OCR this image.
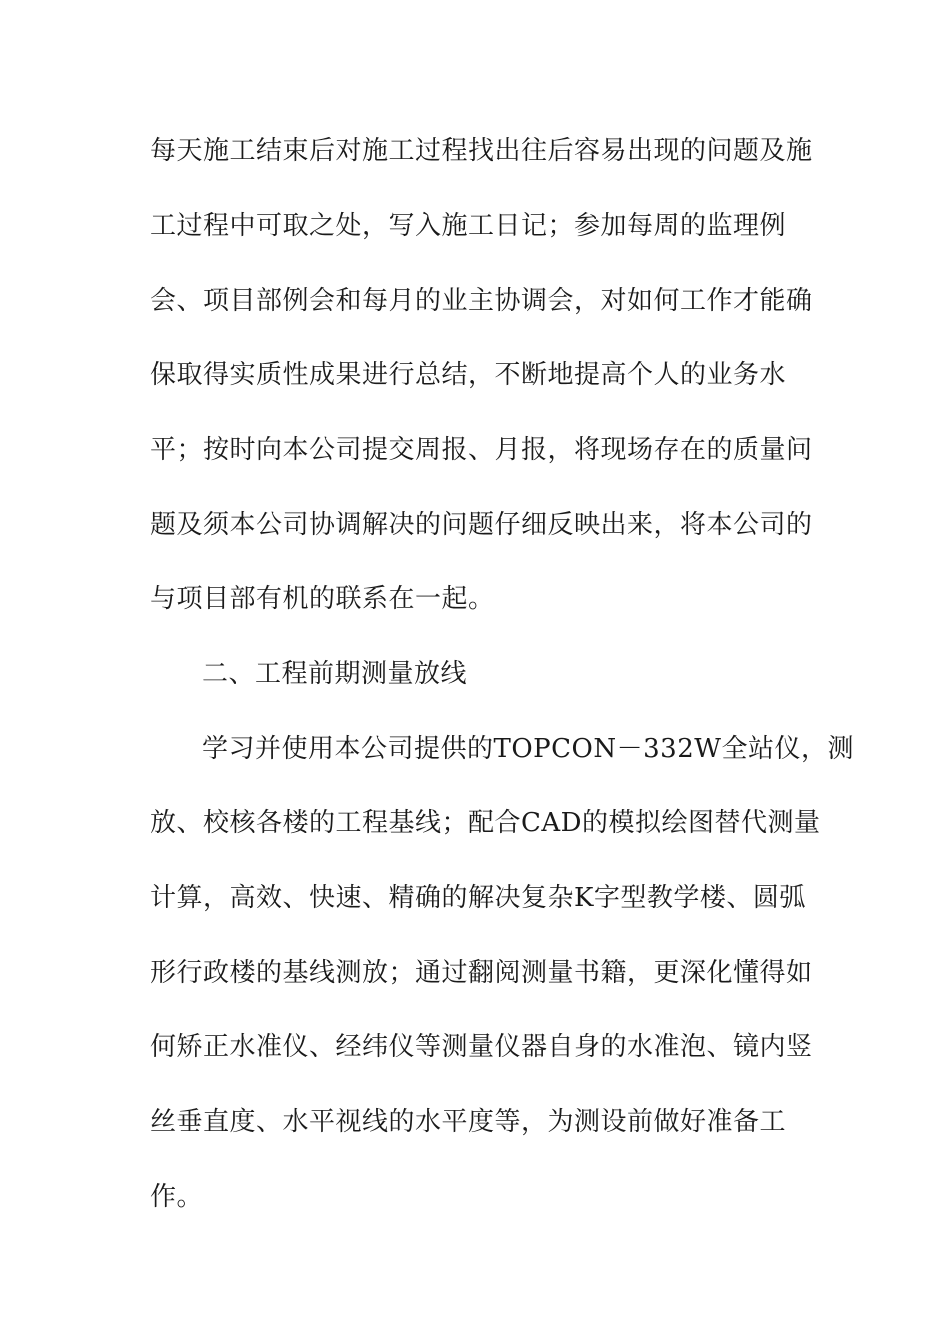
每天施工结束后对施工过程找出往后容易出现的问题及施
工过程中可取之处，写入施工日记；参加每周的监理例
会、项目部例会和每月的业主协调会，对如何工作才能确
保取得实质性成果进行总结，不断地提高个人的业务水
平；按时向本公司提交周报、月报，将现场存在的质量问
题及须本公司协调解决的问题仔细反映出来，将本公司的
与项目部有机的联系在一起。
二、工程前期测量放线
学习并使用本公司提供的TOPCON－332W全站仪，测
放、校核各楼的工程基线；配合CAD的模拟绘图替代测量
计算，高效、快速、精确的解决复杂K字型教学楼、圆弧
形行政楼的基线测放；通过翻阅测量书籍，更深化懂得如
何矫正水准仪、经纬仪等测量仪器自身的水准泡、镜内竖
丝垂直度、水平视线的水平度等，为测设前做好准备工
作。
